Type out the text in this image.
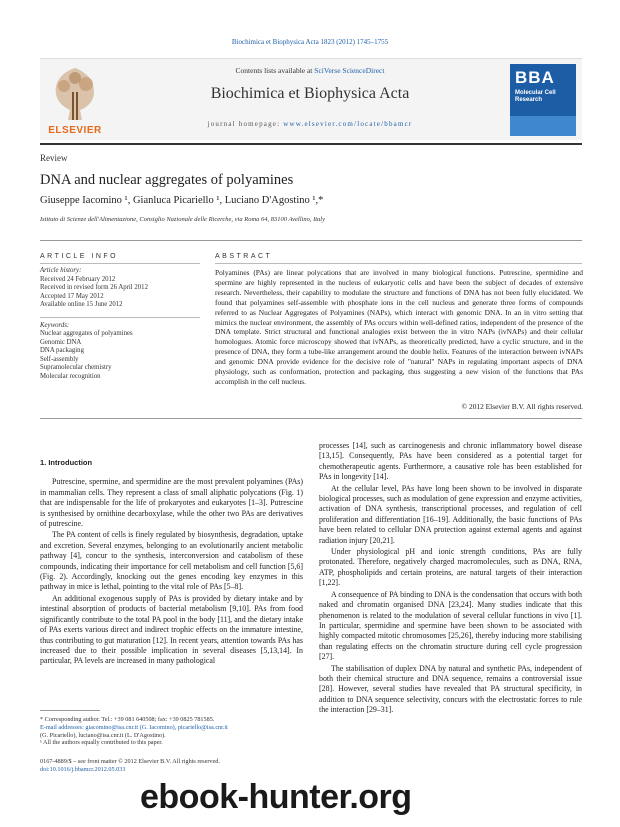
Biochimica et Biophysica Acta 1823 (2012) 1745–1755
ELSEVIER
Contents lists available at SciVerse ScienceDirect
Biochimica et Biophysica Acta
journal homepage: www.elsevier.com/locate/bbamcr
BBA
Molecular Cell Research
Review
DNA and nuclear aggregates of polyamines
Giuseppe Iacomino ¹, Gianluca Picariello ¹, Luciano D'Agostino ¹,*
Istituto di Scienze dell'Alimentazione, Consiglio Nazionale delle Ricerche, via Roma 64, 83100 Avellino, Italy
ARTICLE INFO
Article history:
Received 24 February 2012
Received in revised form 26 April 2012
Accepted 17 May 2012
Available online 15 June 2012
Keywords:
Nuclear aggregates of polyamines
Genomic DNA
DNA packaging
Self-assembly
Supramolecular chemistry
Molecular recognition
ABSTRACT
Polyamines (PAs) are linear polycations that are involved in many biological functions. Putrescine, spermidine and spermine are highly represented in the nucleus of eukaryotic cells and have been the subject of decades of extensive research. Nevertheless, their capability to modulate the structure and functions of DNA has not been fully elucidated. We found that polyamines self-assemble with phosphate ions in the cell nucleus and generate three forms of compounds referred to as Nuclear Aggregates of Polyamines (NAPs), which interact with genomic DNA. In an in vitro setting that mimics the nuclear environment, the assembly of PAs occurs within well-defined ratios, independent of the presence of the DNA template. Strict structural and functional analogies exist between the in vitro NAPs (ivNAPs) and their cellular homologues. Atomic force microscopy showed that ivNAPs, as theoretically predicted, have a cyclic structure, and in the presence of DNA, they form a tube-like arrangement around the double helix. Features of the interaction between ivNAPs and genomic DNA provide evidence for the decisive role of "natural" NAPs in regulating important aspects of DNA physiology, such as conformation, protection and packaging, thus suggesting a new vision of the functions that PAs accomplish in the cell nucleus.
© 2012 Elsevier B.V. All rights reserved.
1. Introduction

Putrescine, spermine, and spermidine are the most prevalent polyamines (PAs) in mammalian cells. They represent a class of small aliphatic polycations (Fig. 1) that are indispensable for the life of prokaryotes and eukaryotes [1–3]. Putrescine is synthesised by ornithine decarboxylase, while the other two PAs are derivatives of putrescine.

The PA content of cells is finely regulated by biosynthesis, degradation, uptake and excretion. Several enzymes, belonging to an evolutionarily ancient metabolic pathway [4], concur to the synthesis, interconversion and catabolism of these compounds, indicating their importance for cell metabolism and cell function [5,6] (Fig. 2). Accordingly, knocking out the genes encoding key enzymes in this pathway in mice is lethal, pointing to the vital role of PAs [5–8].

An additional exogenous supply of PAs is provided by dietary intake and by intestinal absorption of products of bacterial metabolism [9,10]. PAs from food significantly contribute to the total PA pool in the body [11], and the dietary intake of PAs exerts various direct and indirect trophic effects on the immature intestine, thus contributing to gut maturation [12]. In recent years, attention towards PAs has increased due to their possible implication in several diseases [5,13,14]. In particular, PA levels are increased in many pathological

processes [14], such as carcinogenesis and chronic inflammatory bowel disease [13,15]. Consequently, PAs have been considered as a potential target for chemotherapeutic agents. Furthermore, a causative role has been established for PAs in longevity [14].

At the cellular level, PAs have long been shown to be involved in disparate biological processes, such as modulation of gene expression and enzyme activities, activation of DNA synthesis, transcriptional processes, and regulation of cell proliferation and differentiation [16–19]. Additionally, the basic functions of PAs have been related to cellular DNA protection against external agents and against radiation injury [20,21].

Under physiological pH and ionic strength conditions, PAs are fully protonated. Therefore, negatively charged macromolecules, such as DNA, RNA, ATP, phospholipids and certain proteins, are natural targets of their interaction [1,22].

A consequence of PA binding to DNA is the condensation that occurs with both naked and chromatin organised DNA [23,24]. Many studies indicate that this phenomenon is related to the modulation of several cellular functions in vivo [1]. In particular, spermidine and spermine have been shown to be associated with highly compacted mitotic chromosomes [25,26], thereby inducing more stabilising than regulating effects on the chromatin structure during cell cycle progression [27].

The stabilisation of duplex DNA by natural and synthetic PAs, independent of both their chemical structure and DNA sequence, remains a controversial issue [28]. However, several studies have revealed that PA structural specificity, in addition to DNA sequence selectivity, concurs with the electrostatic forces to rule the interaction [29–31].

* Corresponding author. Tel.: +39 081 640508; fax: +39 0825 781585.
E-mail addresses: giacomino@isa.cnr.it (G. Iacomino), picariello@isa.cnr.it
(G. Picariello), luciano@isa.cnr.it (L. D'Agostino).
¹ All the authors equally contributed to this paper.
0167-4889/$ – see front matter © 2012 Elsevier B.V. All rights reserved.
doi:10.1016/j.bbamcr.2012.05.033
ebook-hunter.org
